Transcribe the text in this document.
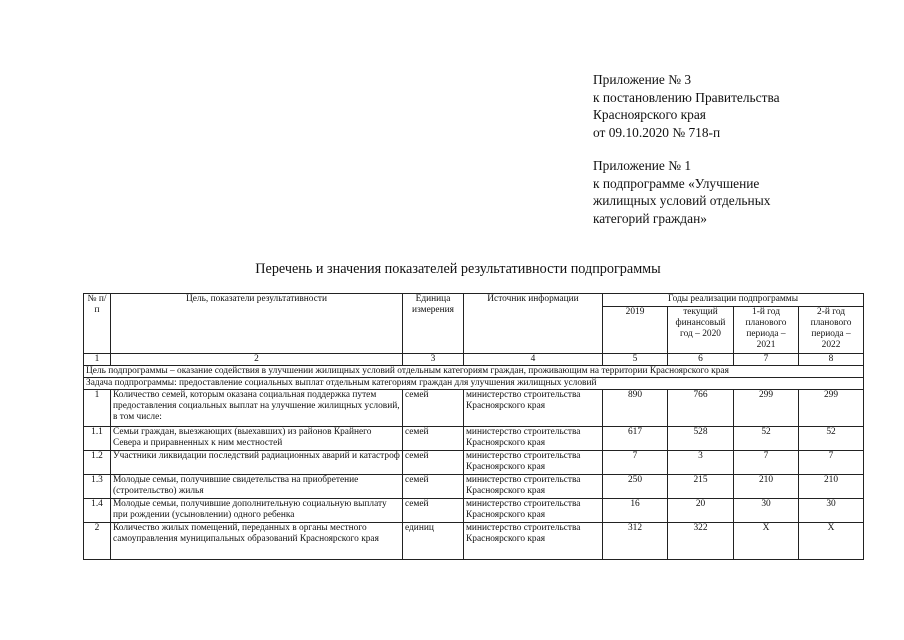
Приложение № 3
к постановлению Правительства
Красноярского края
от 09.10.2020 № 718-п
Приложение № 1
к подпрограмме «Улучшение
жилищных условий отдельных
категорий граждан»
Перечень и значения показателей результативности подпрограммы
№ п/п	Цель, показатели результативности	Единица измерения	Источник информации	Годы реализации подпрограммы			
				2019	текущий финансовый год – 2020	1-й год планового периода – 2021	2-й год планового периода – 2022
1	2	3	4	5	6	7	8
Цель подпрограммы – оказание содействия в улучшении жилищных условий отдельным категориям граждан, проживающим на территории Красноярского края							
Задача подпрограммы: предоставление социальных выплат отдельным категориям граждан для улучшения жилищных условий							
1	Количество семей, которым оказана социальная поддержка путем предоставления социальных выплат на улучшение жилищных условий, в том числе:	семей	министерство строительства Красноярского края	890	766	299	299
1.1	Семьи граждан, выезжающих (выехавших) из районов Крайнего Севера и приравненных к ним местностей	семей	министерство строительства Красноярского края	617	528	52	52
1.2	Участники ликвидации последствий радиационных аварий и катастроф	семей	министерство строительства Красноярского края	7	3	7	7
1.3	Молодые семьи, получившие свидетельства на приобретение (строительство) жилья	семей	министерство строительства Красноярского края	250	215	210	210
1.4	Молодые семьи, получившие дополнительную социальную выплату при рождении (усыновлении) одного ребенка	семей	министерство строительства Красноярского края	16	20	30	30
2	Количество жилых помещений, переданных в органы местного самоуправления муниципальных образований Красноярского края	единиц	министерство строительства Красноярского края	312	322	X	X
